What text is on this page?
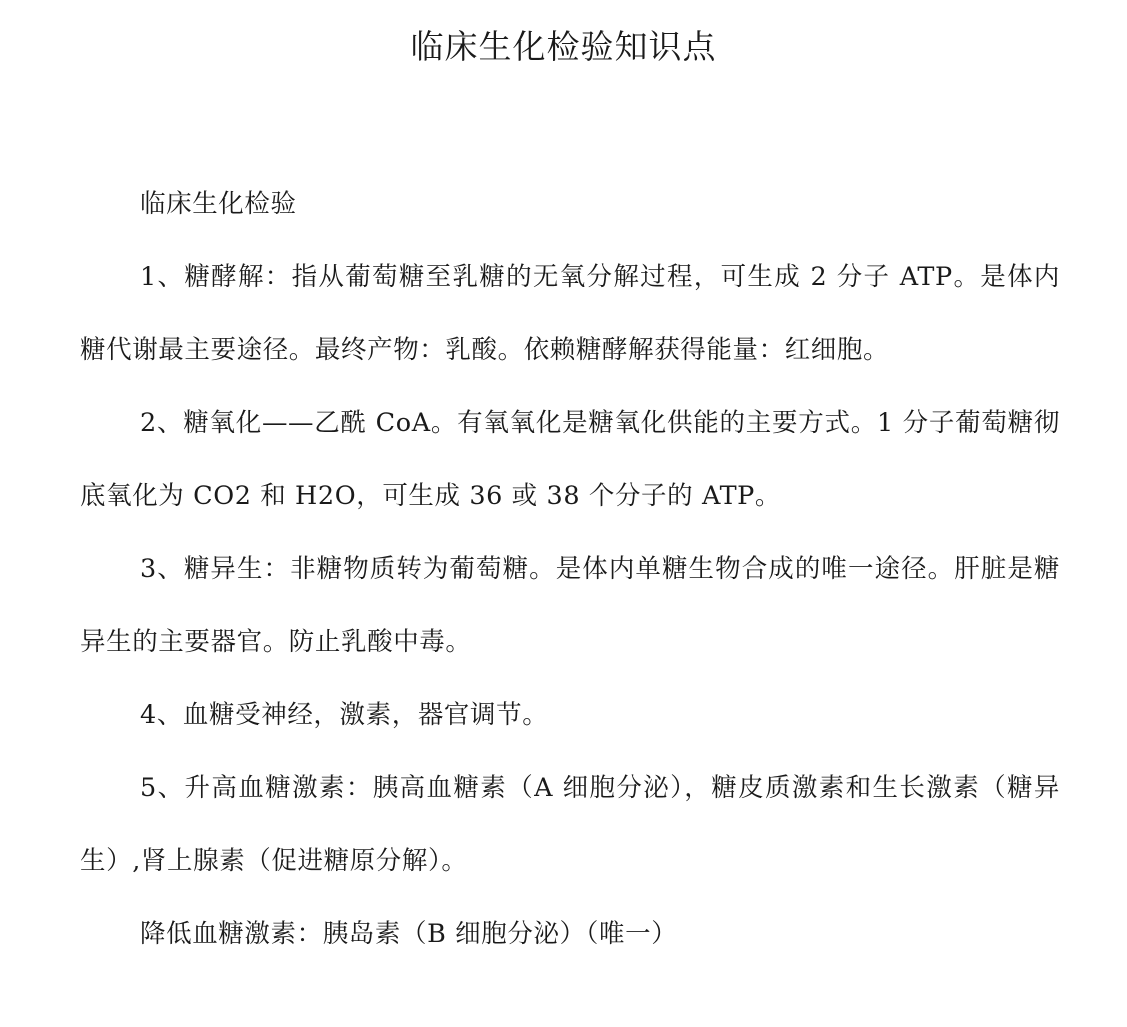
临床生化检验知识点

临床生化检验

1、糖酵解：指从葡萄糖至乳糖的无氧分解过程，可生成 2 分子 ATP。是体内糖代谢最主要途径。最终产物：乳酸。依赖糖酵解获得能量：红细胞。

2、糖氧化——乙酰 CoA。有氧氧化是糖氧化供能的主要方式。1 分子葡萄糖彻底氧化为 CO2 和 H2O，可生成 36 或 38 个分子的 ATP。

3、糖异生：非糖物质转为葡萄糖。是体内单糖生物合成的唯一途径。肝脏是糖异生的主要器官。防止乳酸中毒。

4、血糖受神经，激素，器官调节。

5、升高血糖激素：胰高血糖素（A 细胞分泌），糖皮质激素和生长激素（糖异生）,肾上腺素（促进糖原分解）。

降低血糖激素：胰岛素（B 细胞分泌）（唯一）
